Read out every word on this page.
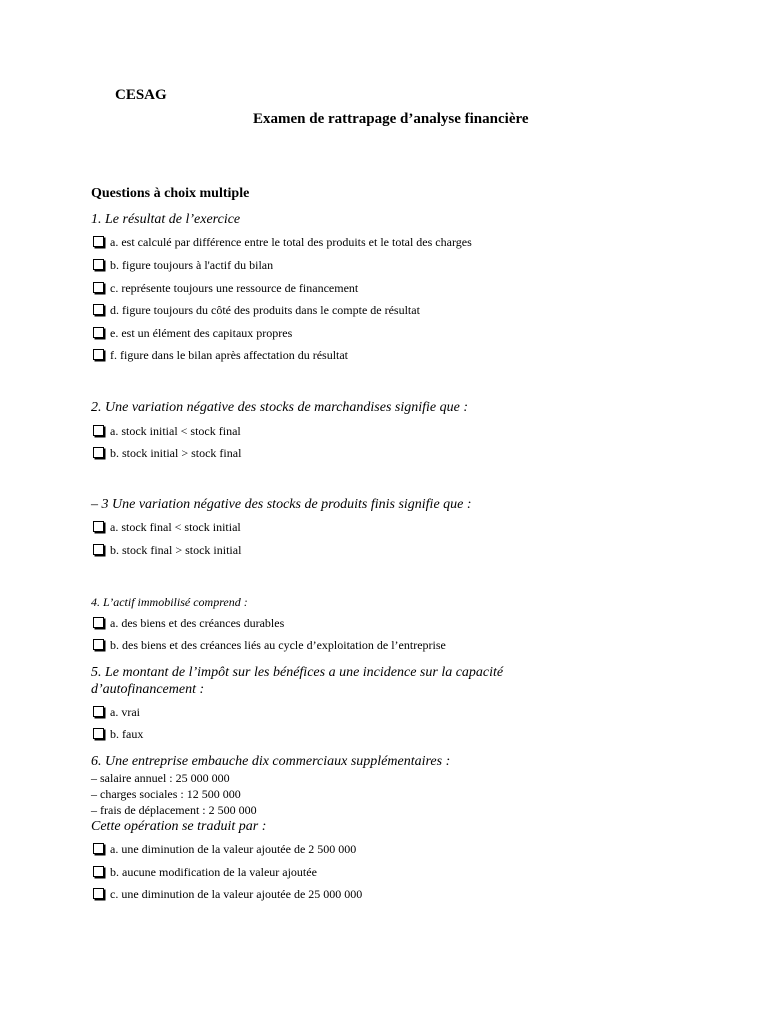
CESAG
Examen de rattrapage d’analyse financière
Questions à choix multiple
1. Le résultat de l’exercice
a. est calculé par différence entre le total des produits et le total des charges
b. figure toujours à l'actif du bilan
c. représente toujours une ressource de financement
d. figure toujours du côté des produits dans le compte de résultat
e. est un élément des capitaux propres
f. figure dans le bilan après affectation du résultat
2. Une variation négative des stocks de marchandises signifie que :
a. stock initial < stock final
b. stock initial > stock final
– 3 Une variation négative des stocks de produits finis signifie que :
a. stock final < stock initial
b. stock final > stock initial
4. L’actif immobilisé comprend :
a. des biens et des créances durables
b. des biens et des créances liés au cycle d’exploitation de l’entreprise
5. Le montant de l’impôt sur les bénéfices a une incidence sur la capacité
d’autofinancement :
a. vrai
b. faux
6. Une entreprise embauche dix commerciaux supplémentaires :
– salaire annuel : 25 000 000
– charges sociales : 12 500 000
– frais de déplacement : 2 500 000
Cette opération se traduit par :
a. une diminution de la valeur ajoutée de 2 500 000
b. aucune modification de la valeur ajoutée
c. une diminution de la valeur ajoutée de 25 000 000
